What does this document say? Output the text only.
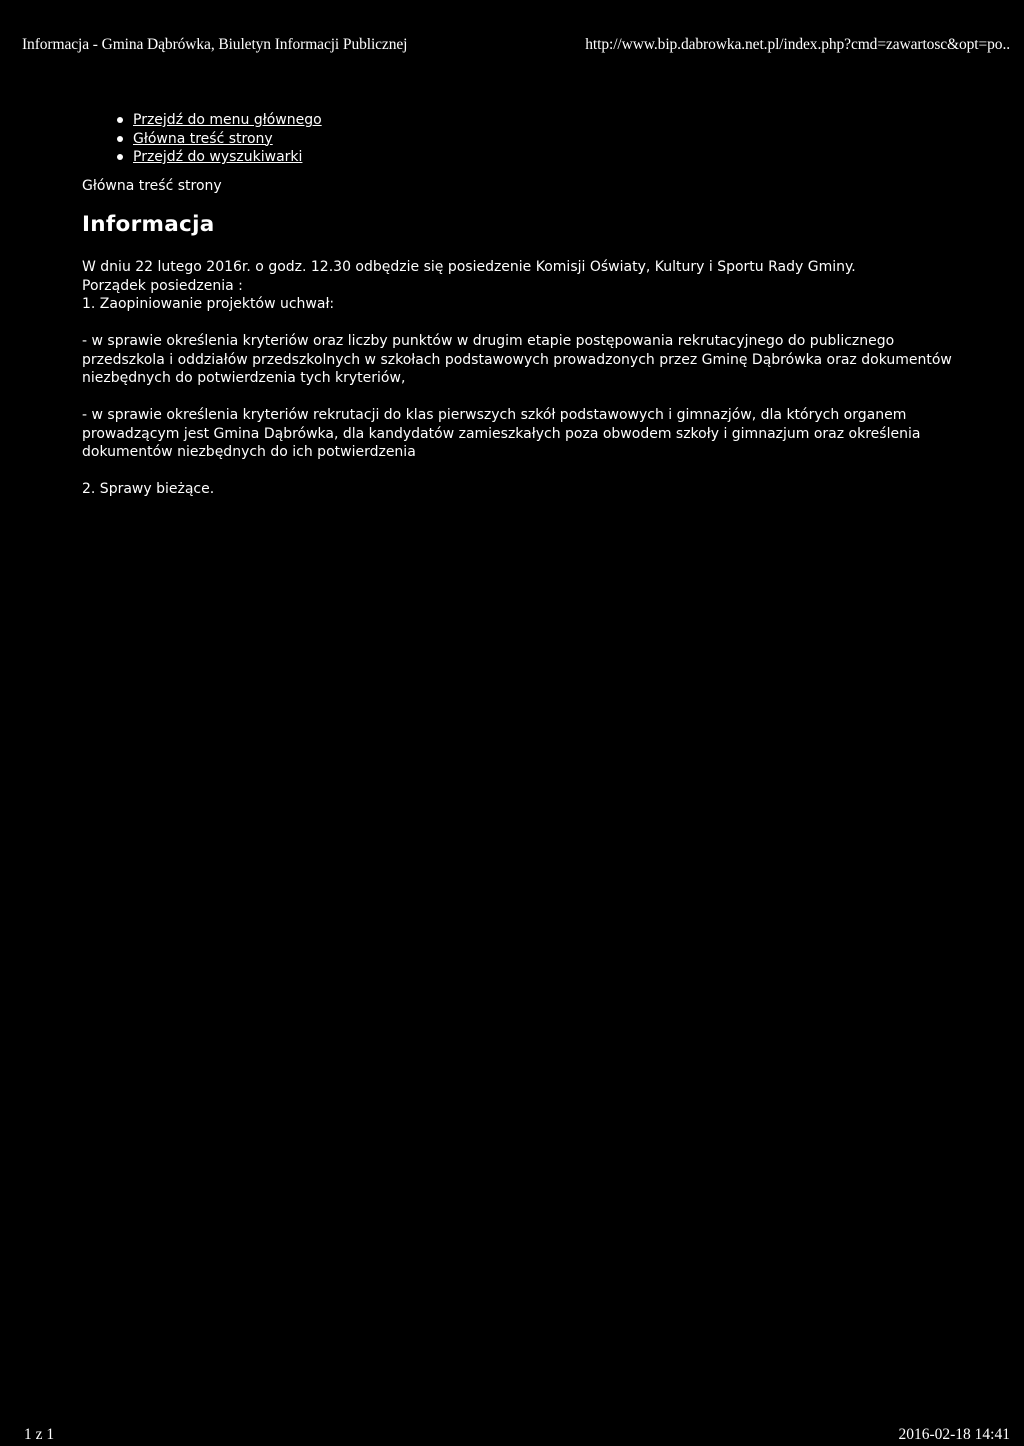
Informacja - Gmina Dąbrówka, Biuletyn Informacji Publicznej	http://www.bip.dabrowka.net.pl/index.php?cmd=zawartosc&opt=po..
Przejdź do menu głównego
Główna treść strony
Przejdź do wyszukiwarki
Główna treść strony
Informacja

W dniu 22 lutego 2016r. o godz. 12.30 odbędzie się posiedzenie Komisji Oświaty, Kultury i Sportu Rady Gminy.

Porządek posiedzenia :

1. Zaopiniowanie projektów uchwał:

- w sprawie określenia kryteriów oraz liczby punktów w drugim etapie postępowania rekrutacyjnego do publicznego przedszkola i oddziałów przedszkolnych w szkołach podstawowych prowadzonych przez Gminę Dąbrówka oraz dokumentów niezbędnych do potwierdzenia tych kryteriów,

- w sprawie określenia kryteriów rekrutacji do klas pierwszych szkół podstawowych i gimnazjów, dla których organem prowadzącym jest Gmina Dąbrówka, dla kandydatów zamieszkałych poza obwodem szkoły i gimnazjum oraz określenia dokumentów niezbędnych do ich potwierdzenia

2. Sprawy bieżące.

1 z 1	2016-02-18 14:41
